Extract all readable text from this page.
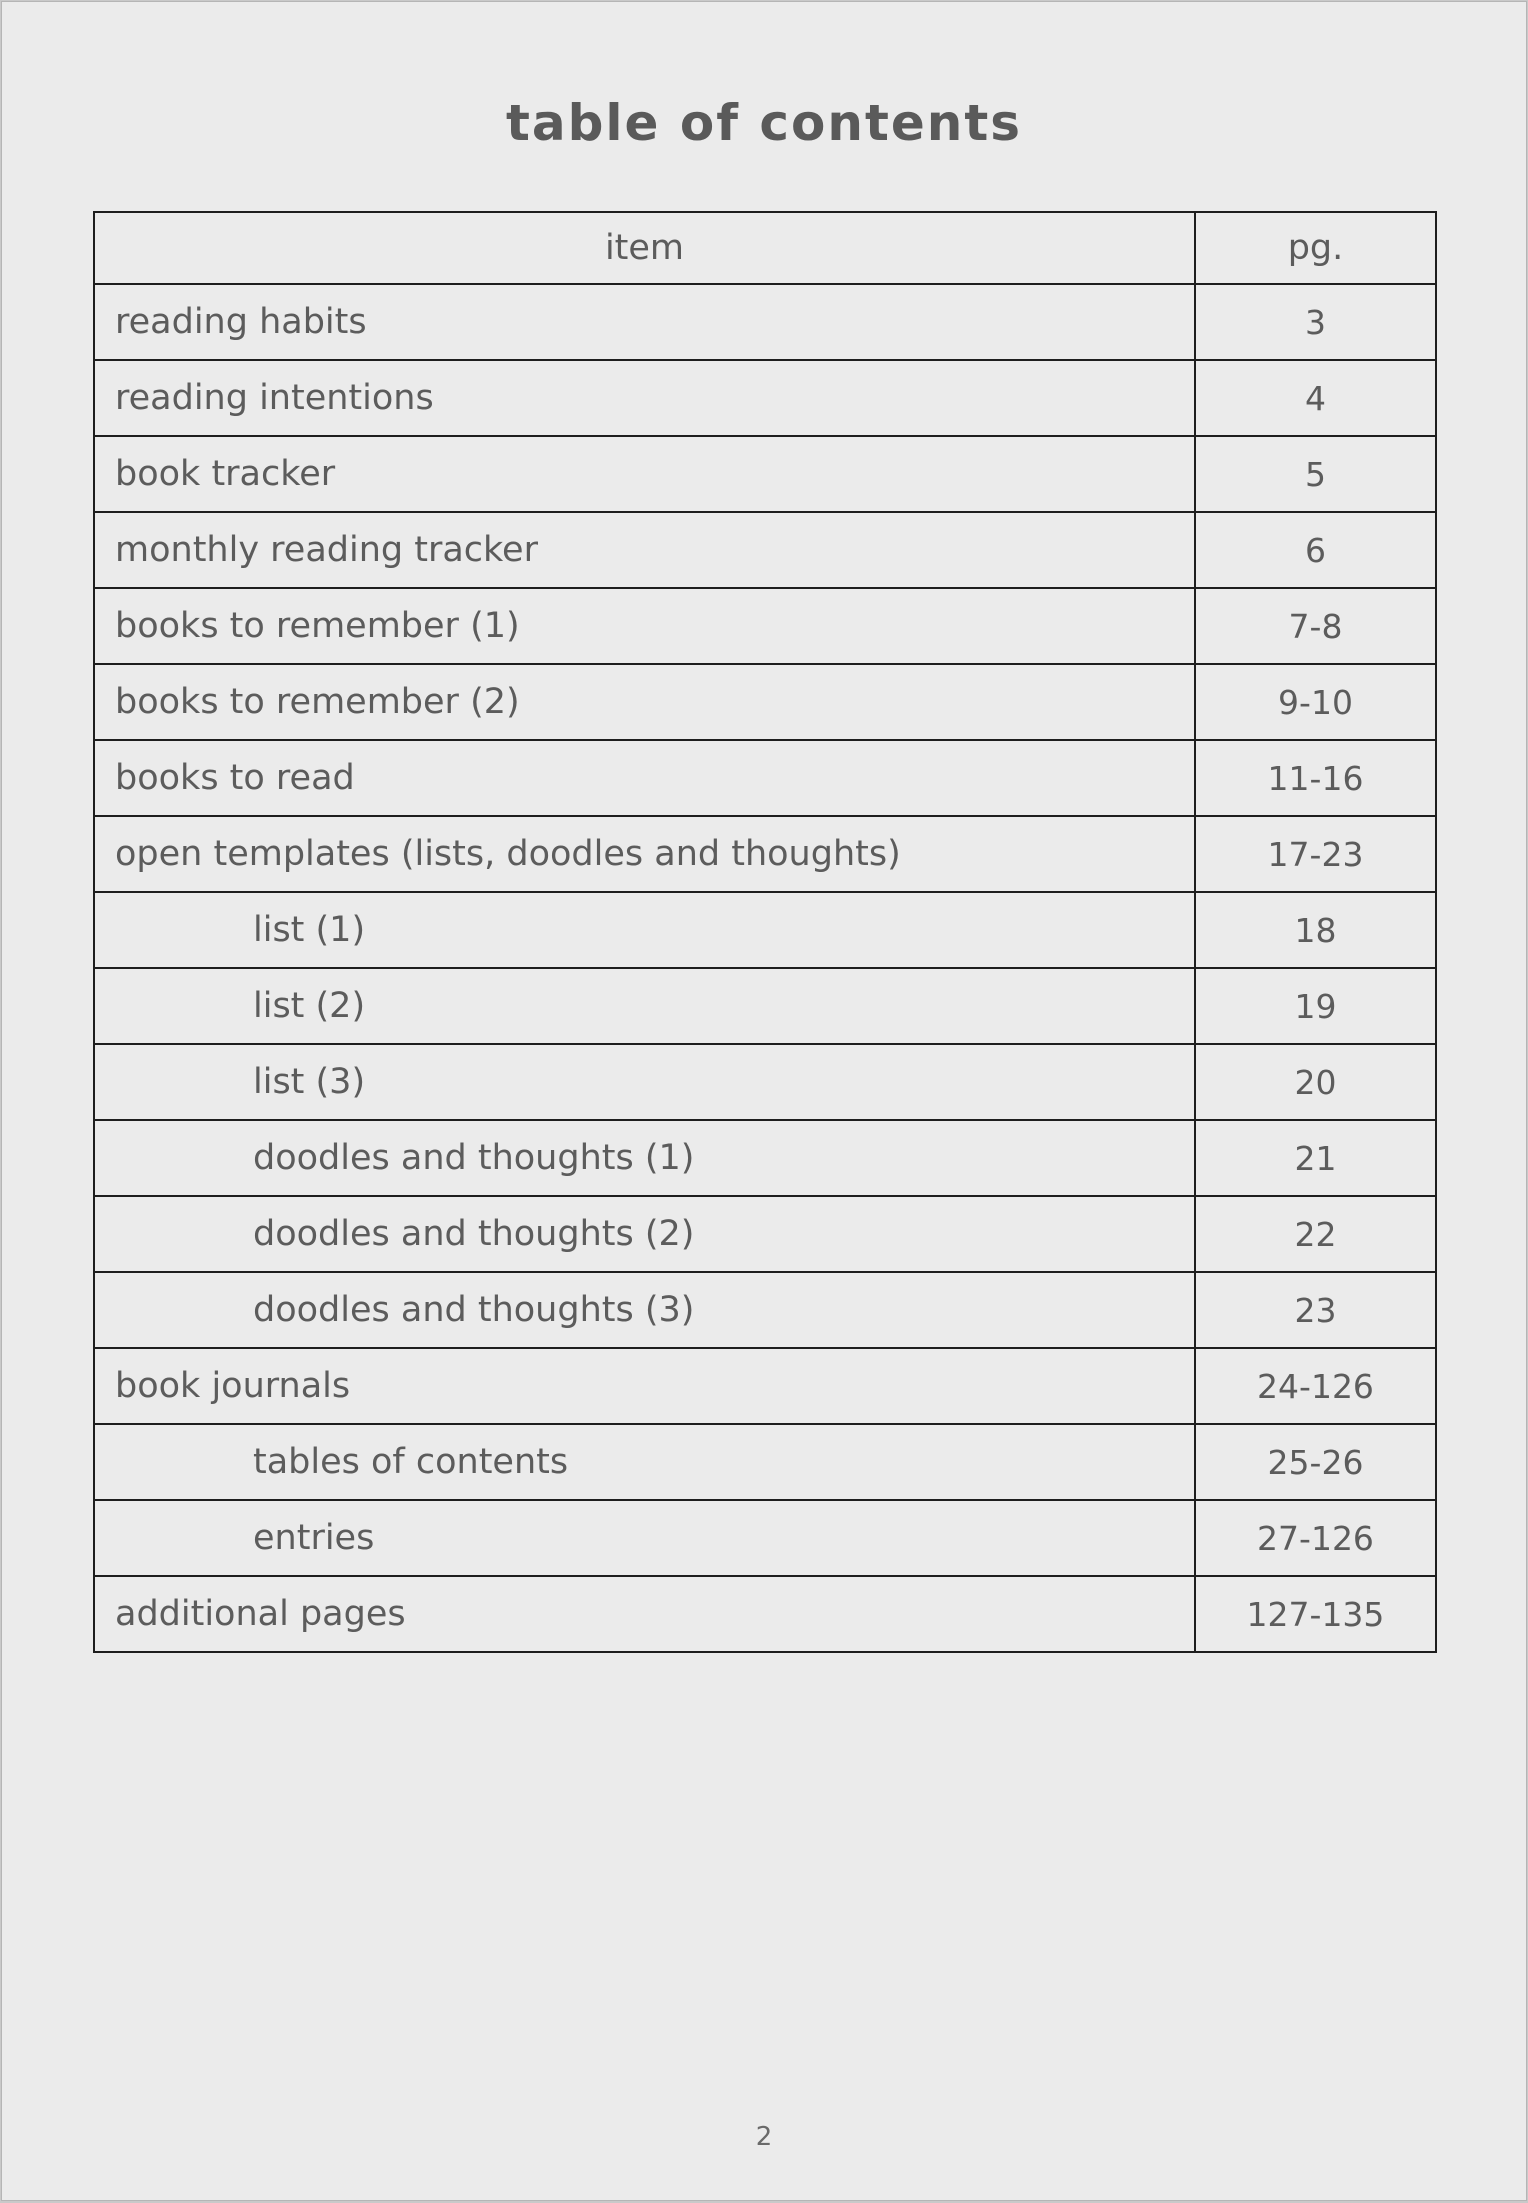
table of contents
item	pg.
reading habits	3
reading intentions	4
book tracker	5
monthly reading tracker	6
books to remember (1)	7-8
books to remember (2)	9-10
books to read	11-16
open templates (lists, doodles and thoughts)	17-23
list (1)	18
list (2)	19
list (3)	20
doodles and thoughts (1)	21
doodles and thoughts (2)	22
doodles and thoughts (3)	23
book journals	24-126
tables of contents	25-26
entries	27-126
additional pages	127-135
2
